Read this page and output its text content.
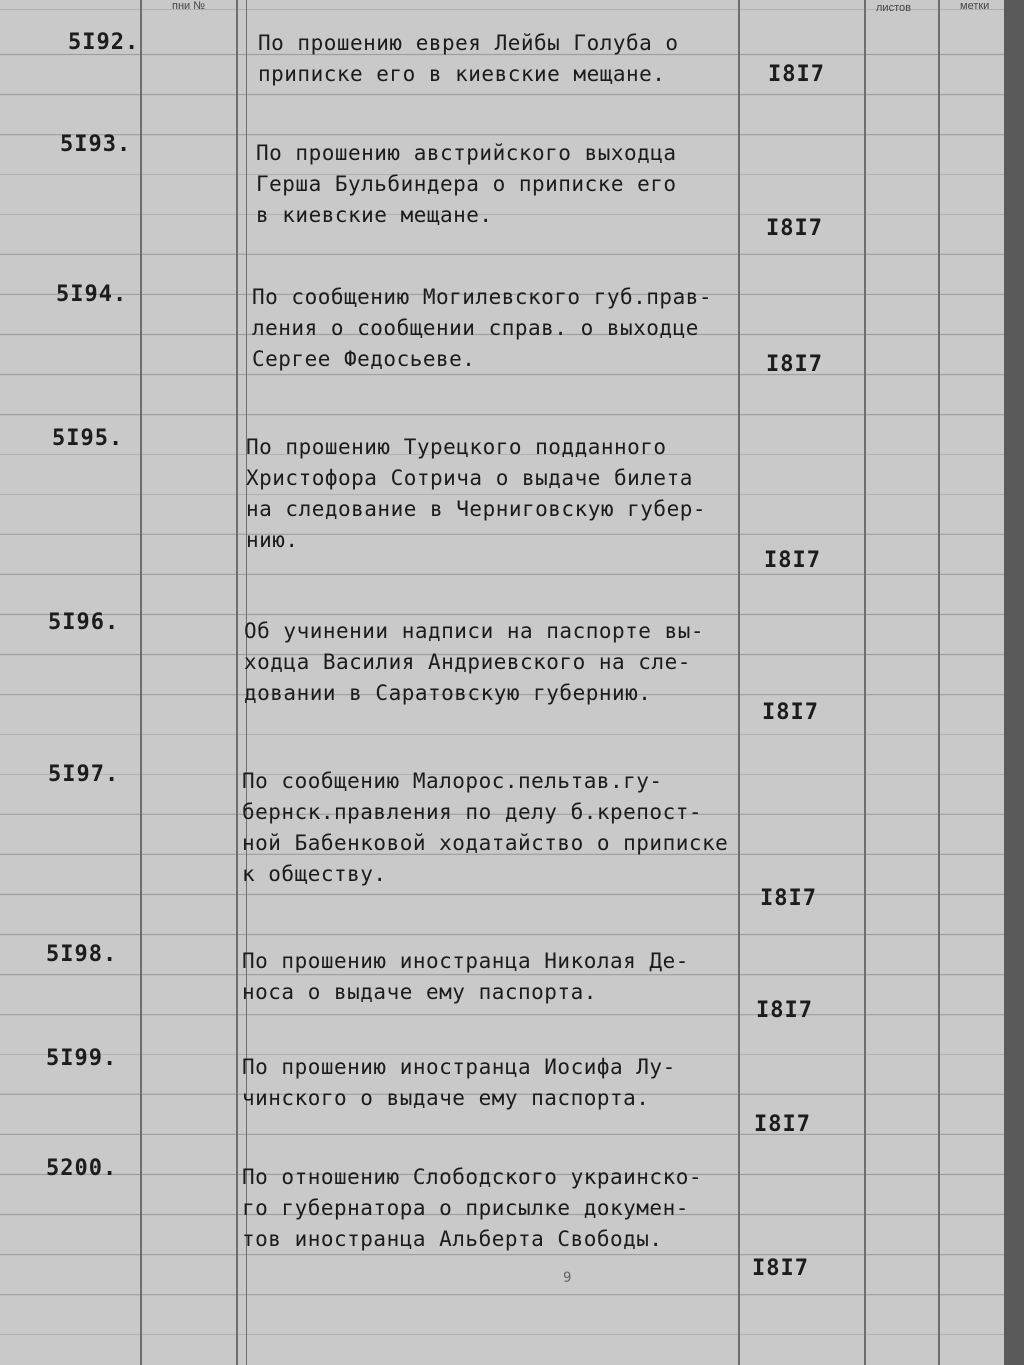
пни №	листов	метки
5I92.	По прошению еврея Лейбы Голуба о
приписке его в киевские мещане.	I8I7
5I93.	По прошению австрийского выходца
Герша Бульбиндера о приписке его
в киевские мещане.
I8I7
5I94.	По сообщению Могилевского губ.прав-
ления о сообщении справ. о выходце
Сергее Федосьеве.	I8I7
5I95.	По прошению Турецкого подданного
Христофора Сотрича о выдаче билета
на следование в Черниговскую губер-
нию.
I8I7
5I96.	Об учинении надписи на паспорте вы-
ходца Василия Андриевского на сле-
довании в Саратовскую губернию.
I8I7
5I97.	По сообщению Малорос.пельтав.гу-
бернск.правления по делу б.крепост-
ной Бабенковой ходатайство о приписке
к обществу.
I8I7
5I98.	По прошению иностранца Николая Де-
носа о выдаче ему паспорта.
I8I7
5I99.	По прошению иностранца Иосифа Лу-
чинского о выдаче ему паспорта.
I8I7
5200.	По отношению Слободского украинско-
го губернатора о присылке докумен-
тов иностранца Альберта Свободы.
I8I7
9
